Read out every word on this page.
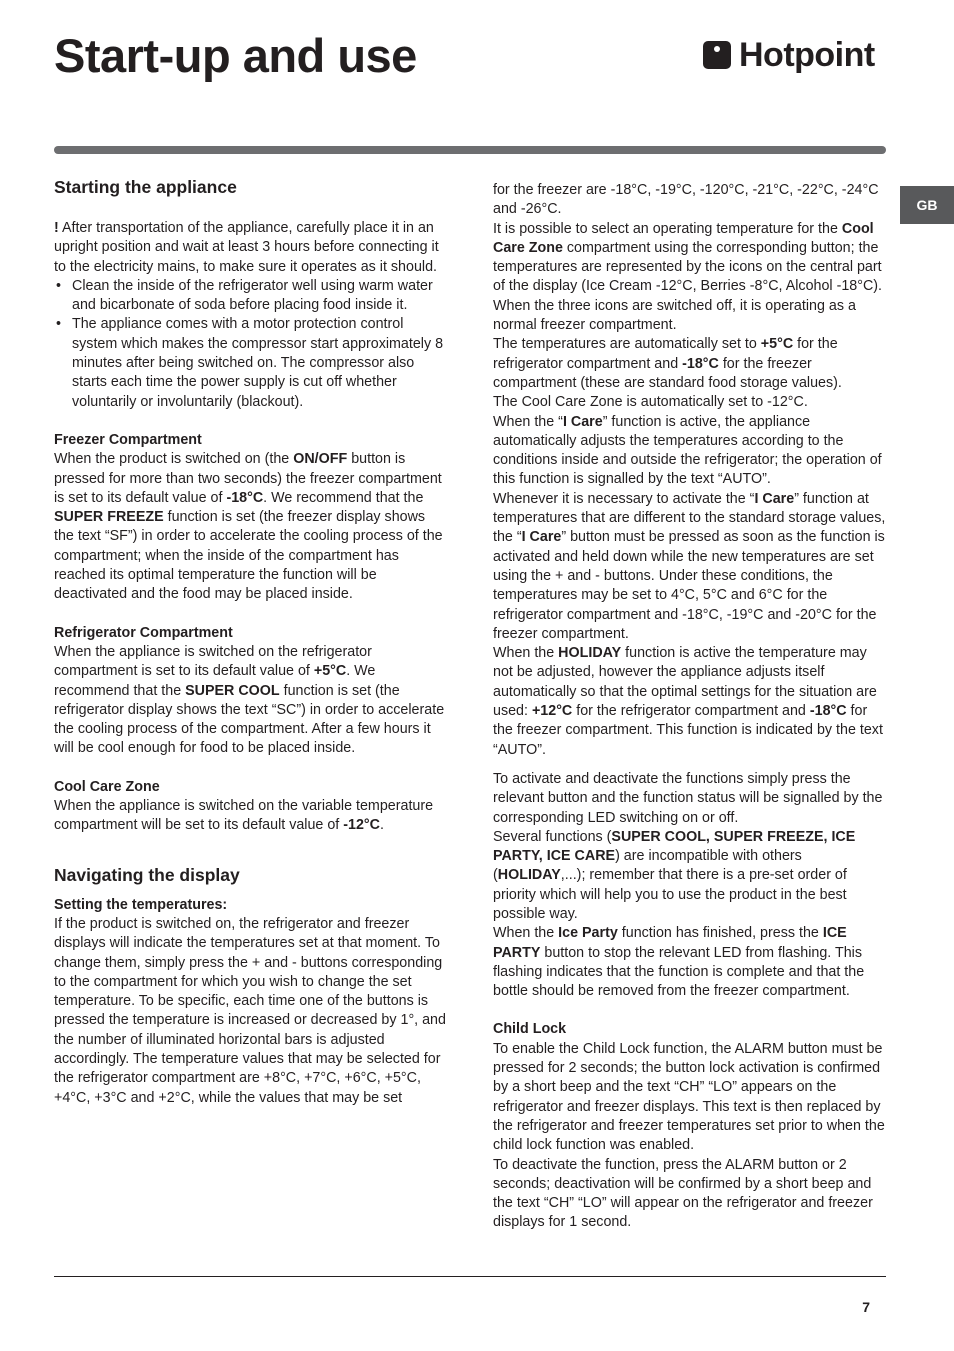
Start-up and use	Hotpoint
GB
Starting the appliance

! After transportation of the appliance, carefully place it in an upright position and wait at least 3 hours before connecting it to the electricity mains, to make sure it operates as it should.

• Clean the inside of the refrigerator well using warm water and bicarbonate of soda before placing food inside it.
• The appliance comes with a motor protection control system which makes the compressor start approximately 8 minutes after being switched on. The compressor also starts each time the power supply is cut off whether voluntarily or involuntarily (blackout).
Freezer Compartment

When the product is switched on (the ON/OFF button is pressed for more than two seconds) the freezer compartment is set to its default value of -18°C. We recommend that the SUPER FREEZE function is set (the freezer display shows the text “SF”) in order to accelerate the cooling process of the compartment; when the inside of the compartment has reached its optimal temperature the function will be deactivated and the food may be placed inside.

Refrigerator Compartment

When the appliance is switched on the refrigerator compartment is set to its default value of +5°C. We recommend that the SUPER COOL function is set (the refrigerator display shows the text “SC”) in order to accelerate the cooling process of the compartment. After a few hours it will be cool enough for food to be placed inside.

Cool Care Zone

When the appliance is switched on the variable temperature compartment will be set to its default value of -12°C.

Navigating the display
Setting the temperatures:

If the product is switched on, the refrigerator and freezer displays will indicate the temperatures set at that moment. To change them, simply press the + and - buttons corresponding to the compartment for which you wish to change the set temperature. To be specific, each time one of the buttons is pressed the temperature is increased or decreased by 1°, and the number of illuminated horizontal bars is adjusted accordingly. The temperature values that may be selected for the refrigerator compartment are +8°C, +7°C, +6°C, +5°C, +4°C, +3°C and +2°C, while the values that may be set

for the freezer are -18°C, -19°C, -120°C, -21°C, -22°C, -24°C and -26°C.

It is possible to select an operating temperature for the Cool Care Zone compartment using the corresponding button; the temperatures are represented by the icons on the central part of the display (Ice Cream -12°C, Berries -8°C, Alcohol -18°C). When the three icons are switched off, it is operating as a normal freezer compartment.

The temperatures are automatically set to +5°C for the refrigerator compartment and -18°C for the freezer compartment (these are standard food storage values).

The Cool Care Zone is automatically set to -12°C.

When the “I Care” function is active, the appliance automatically adjusts the temperatures according to the conditions inside and outside the refrigerator; the operation of this function is signalled by the text “AUTO”.

Whenever it is necessary to activate the “I Care” function at temperatures that are different to the standard storage values, the “I Care” button must be pressed as soon as the function is activated and held down while the new temperatures are set using the + and - buttons. Under these conditions, the temperatures may be set to 4°C, 5°C and 6°C for the refrigerator compartment and -18°C, -19°C and -20°C for the freezer compartment.

When the HOLIDAY function is active the temperature may not be adjusted, however the appliance adjusts itself automatically so that the optimal settings for the situation are used: +12°C for the refrigerator compartment and -18°C for the freezer compartment. This function is indicated by the text “AUTO”.

To activate and deactivate the functions simply press the relevant button and the function status will be signalled by the corresponding LED switching on or off.

Several functions (SUPER COOL, SUPER FREEZE, ICE PARTY, ICE CARE) are incompatible with others (HOLIDAY,...); remember that there is a pre-set order of priority which will help you to use the product in the best possible way.

When the Ice Party function has finished, press the ICE PARTY button to stop the relevant LED from flashing. This flashing indicates that the function is complete and that the bottle should be removed from the freezer compartment.

Child Lock

To enable the Child Lock function, the ALARM button must be pressed for 2 seconds; the button lock activation is confirmed by a short beep and the text “CH” “LO” appears on the refrigerator and freezer displays. This text is then replaced by the refrigerator and freezer temperatures set prior to when the child lock function was enabled.

To deactivate the function, press the ALARM button or 2 seconds; deactivation will be confirmed by a short beep and the text “CH” “LO” will appear on the refrigerator and freezer displays for 1 second.

7
